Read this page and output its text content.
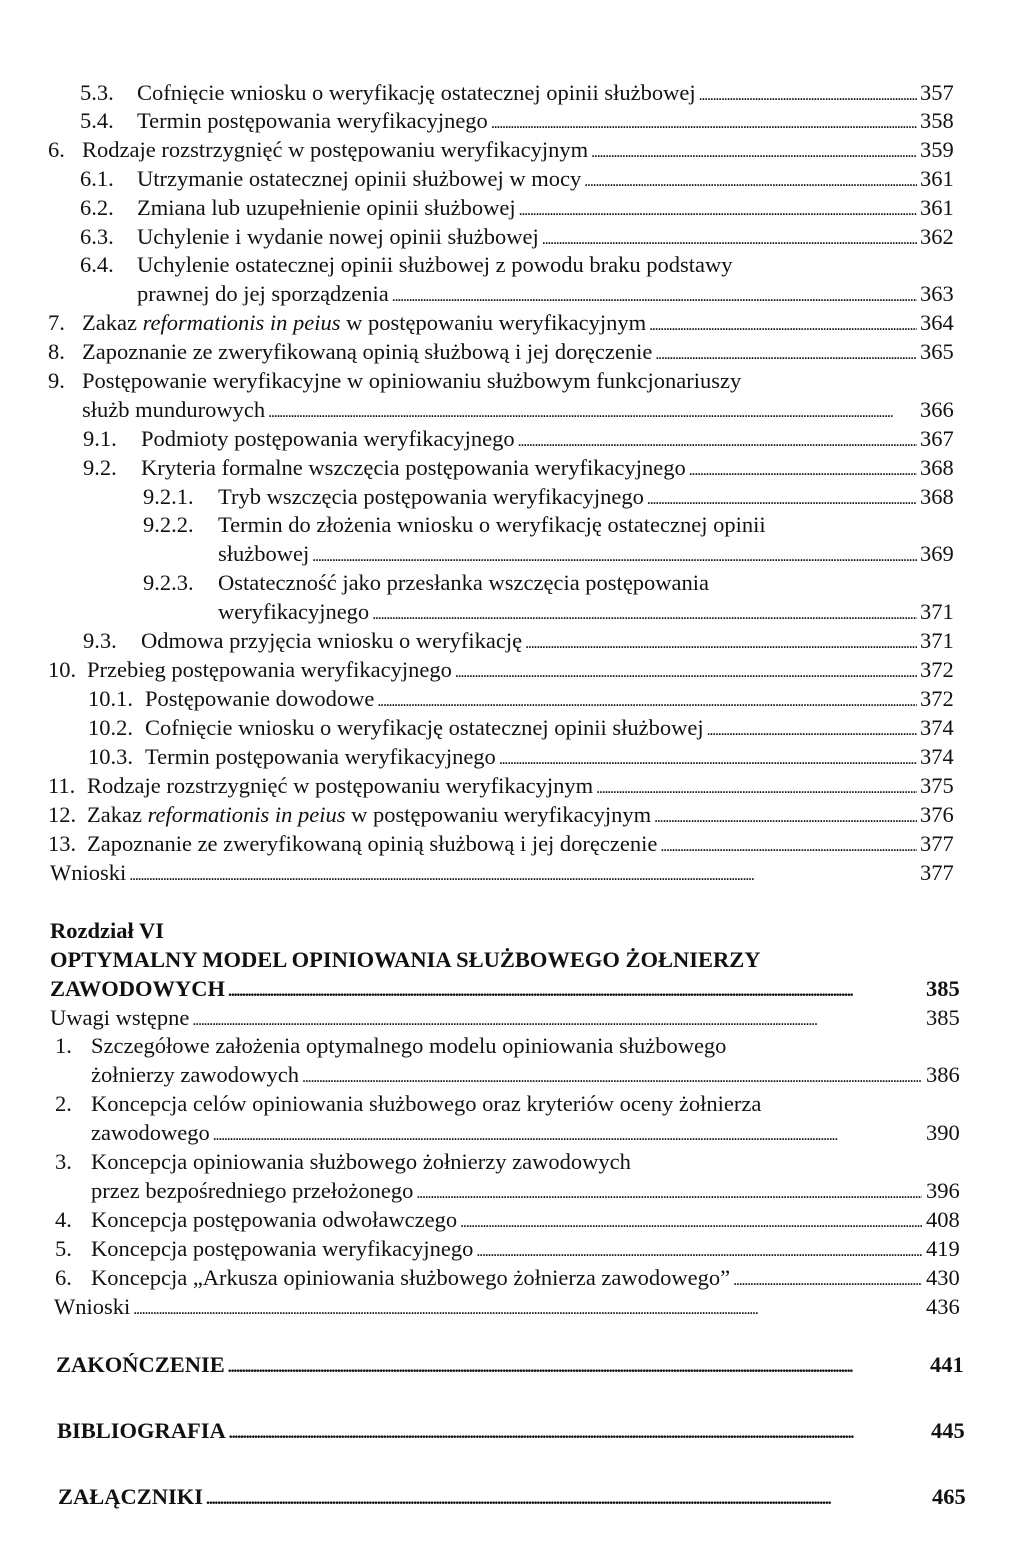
5.3. Cofnięcie wniosku o weryfikację ostatecznej opinii służbowej . . .	357
5.4. Termin postępowania weryfikacyjnego . . .	358
6. Rodzaje rozstrzygnięć w postępowaniu weryfikacyjnym . . .	359
6.1. Utrzymanie ostatecznej opinii służbowej w mocy . . .	361
6.2. Zmiana lub uzupełnienie opinii służbowej . . .	361
6.3. Uchylenie i wydanie nowej opinii służbowej . . .	362
6.4. Uchylenie ostatecznej opinii służbowej z powodu braku podstawy
prawnej do jej sporządzenia . . .	363
7. Zakaz reformationis in peius w postępowaniu weryfikacyjnym . . .	364
8. Zapoznanie ze zweryfikowaną opinią służbową i jej doręczenie . . .	365
9. Postępowanie weryfikacyjne w opiniowaniu służbowym funkcjonariuszy
służb mundurowych . . .	366
9.1. Podmioty postępowania weryfikacyjnego . . .	367
9.2. Kryteria formalne wszczęcia postępowania weryfikacyjnego . . .	368
9.2.1. Tryb wszczęcia postępowania weryfikacyjnego . . .	368
9.2.2. Termin do złożenia wniosku o weryfikację ostatecznej opinii
służbowej . . .	369
9.2.3. Ostateczność jako przesłanka wszczęcia postępowania
weryfikacyjnego . . .	371
9.3. Odmowa przyjęcia wniosku o weryfikację . . .	371
10. Przebieg postępowania weryfikacyjnego . . .	372
10.1. Postępowanie dowodowe . . .	372
10.2. Cofnięcie wniosku o weryfikację ostatecznej opinii służbowej . . .	374
10.3. Termin postępowania weryfikacyjnego . . .	374
11. Rodzaje rozstrzygnięć w postępowaniu weryfikacyjnym . . .	375
12. Zakaz reformationis in peius w postępowaniu weryfikacyjnym . . .	376
13. Zapoznanie ze zweryfikowaną opinią służbową i jej doręczenie . . .	377
Wnioski . . .	377
Rozdział VI
OPTYMALNY MODEL OPINIOWANIA SŁUŻBOWEGO ŻOŁNIERZY
ZAWODOWYCH . . .	385
Uwagi wstępne . . .	385
1. Szczegółowe założenia optymalnego modelu opiniowania służbowego
żołnierzy zawodowych . . .	386
2. Koncepcja celów opiniowania służbowego oraz kryteriów oceny żołnierza
zawodowego . . .	390
3. Koncepcja opiniowania służbowego żołnierzy zawodowych
przez bezpośredniego przełożonego . . .	396
4. Koncepcja postępowania odwoławczego . . .	408
5. Koncepcja postępowania weryfikacyjnego . . .	419
6. Koncepcja „Arkusza opiniowania służbowego żołnierza zawodowego” . . .	430
Wnioski . . .	436
ZAKOŃCZENIE . . .	441
BIBLIOGRAFIA . . .	445
ZAŁĄCZNIKI . . .	465
